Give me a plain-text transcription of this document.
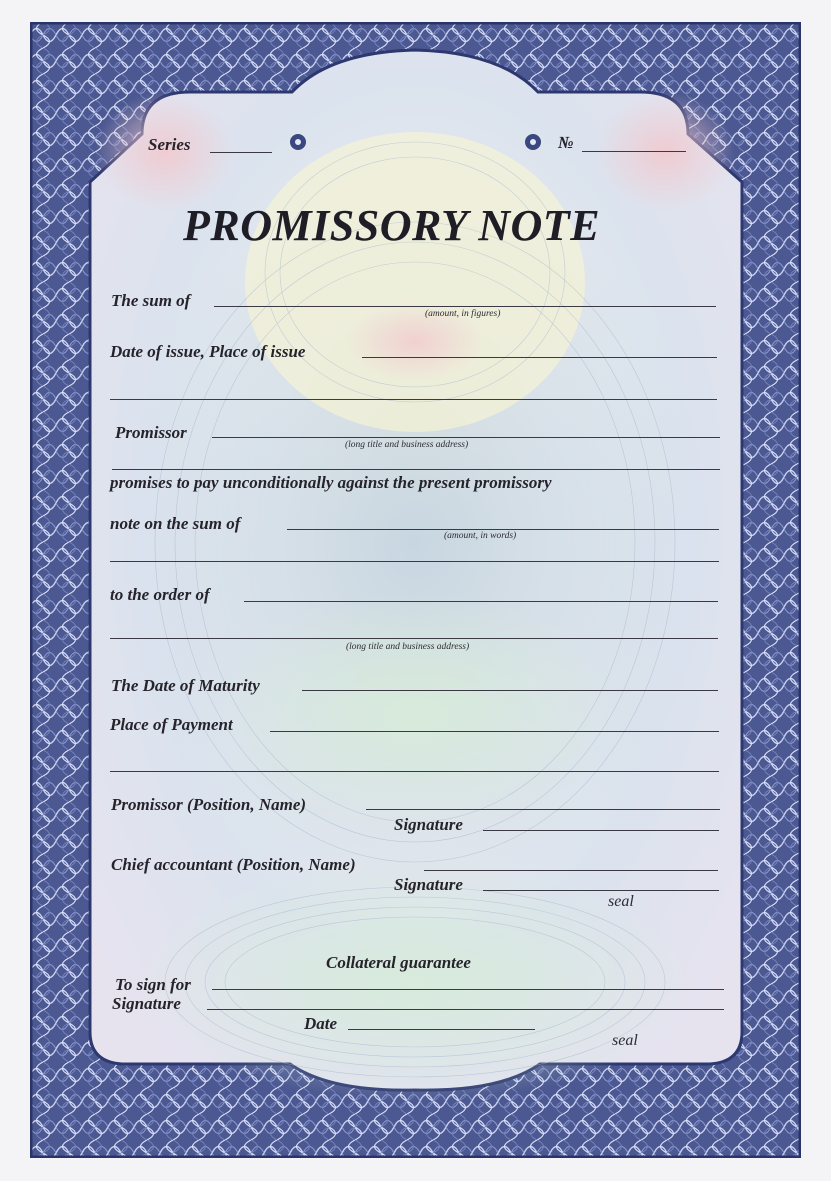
Series	№
PROMISSORY NOTE
The sum of
(amount, in figures)
Date of issue, Place of issue
Promissor
(long title and business address)
promises to pay unconditionally against the present promissory
note on the sum of
(amount, in words)
to the order of
(long title and business address)
The Date of Maturity
Place of Payment
Promissor (Position, Name)
Signature
Chief accountant (Position, Name)
Signature
seal
Collateral guarantee
To sign for
Signature
Date
seal
